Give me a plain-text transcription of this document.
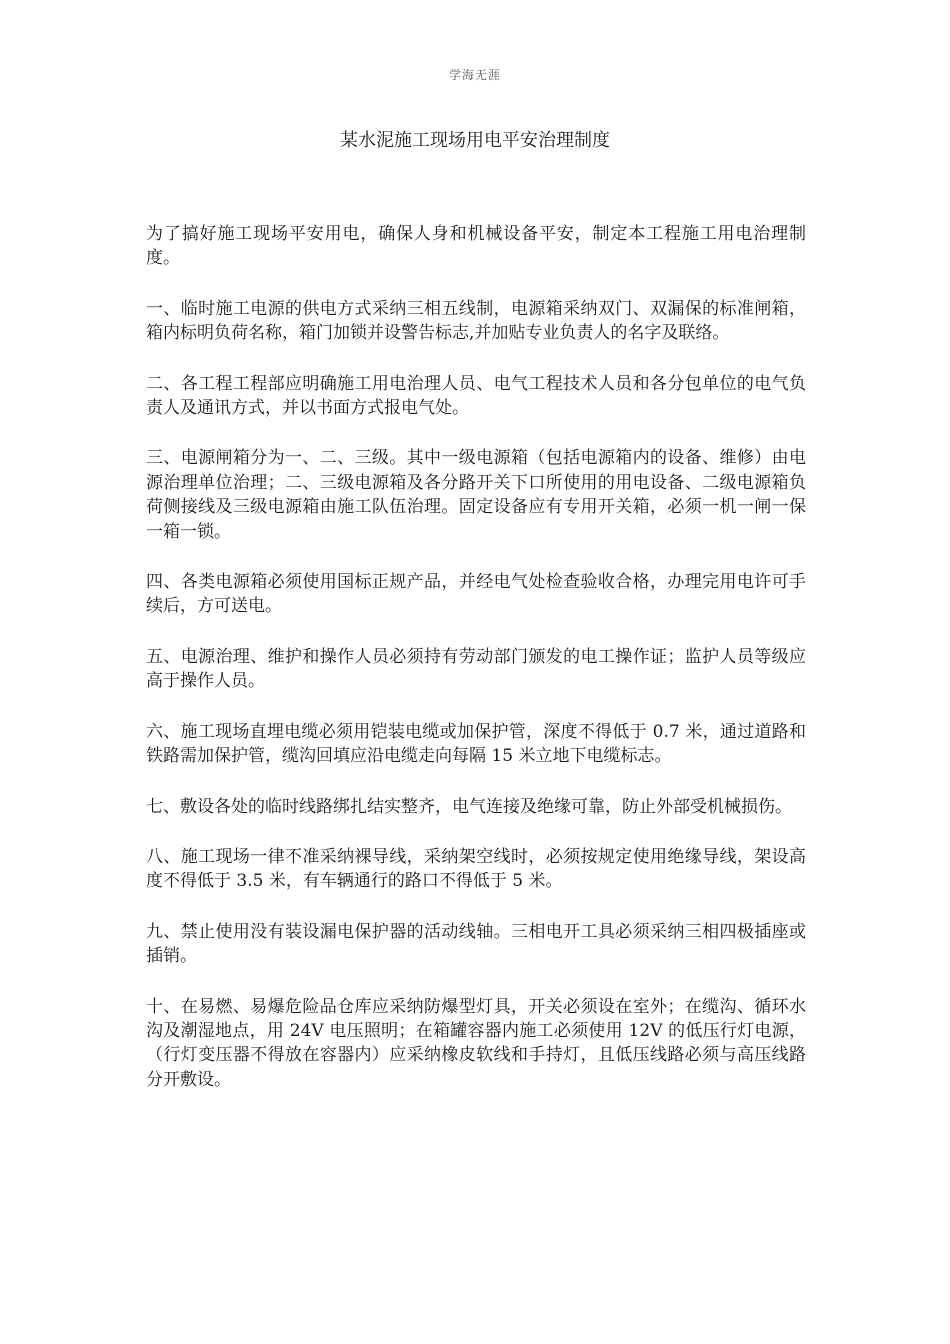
学海无涯
某水泥施工现场用电平安治理制度

为了搞好施工现场平安用电，确保人身和机械设备平安，制定本工程施工用电治理制度。

一、临时施工电源的供电方式采纳三相五线制，电源箱采纳双门、双漏保的标准闸箱，箱内标明负荷名称，箱门加锁并设警告标志,并加贴专业负责人的名字及联络。

二、各工程工程部应明确施工用电治理人员、电气工程技术人员和各分包单位的电气负责人及通讯方式，并以书面方式报电气处。

三、电源闸箱分为一、二、三级。其中一级电源箱（包括电源箱内的设备、维修）由电源治理单位治理；二、三级电源箱及各分路开关下口所使用的用电设备、二级电源箱负荷侧接线及三级电源箱由施工队伍治理。固定设备应有专用开关箱，必须一机一闸一保一箱一锁。

四、各类电源箱必须使用国标正规产品，并经电气处检查验收合格，办理完用电许可手续后，方可送电。

五、电源治理、维护和操作人员必须持有劳动部门颁发的电工操作证；监护人员等级应高于操作人员。

六、施工现场直埋电缆必须用铠装电缆或加保护管，深度不得低于 0.7 米，通过道路和铁路需加保护管，缆沟回填应沿电缆走向每隔 15 米立地下电缆标志。

七、敷设各处的临时线路绑扎结实整齐，电气连接及绝缘可靠，防止外部受机械损伤。

八、施工现场一律不准采纳裸导线，采纳架空线时，必须按规定使用绝缘导线，架设高度不得低于 3.5 米，有车辆通行的路口不得低于 5 米。

九、禁止使用没有装设漏电保护器的活动线轴。三相电开工具必须采纳三相四极插座或插销。

十、在易燃、易爆危险品仓库应采纳防爆型灯具，开关必须设在室外；在缆沟、循环水沟及潮湿地点，用 24V 电压照明；在箱罐容器内施工必须使用 12V 的低压行灯电源，（行灯变压器不得放在容器内）应采纳橡皮软线和手持灯，且低压线路必须与高压线路分开敷设。
